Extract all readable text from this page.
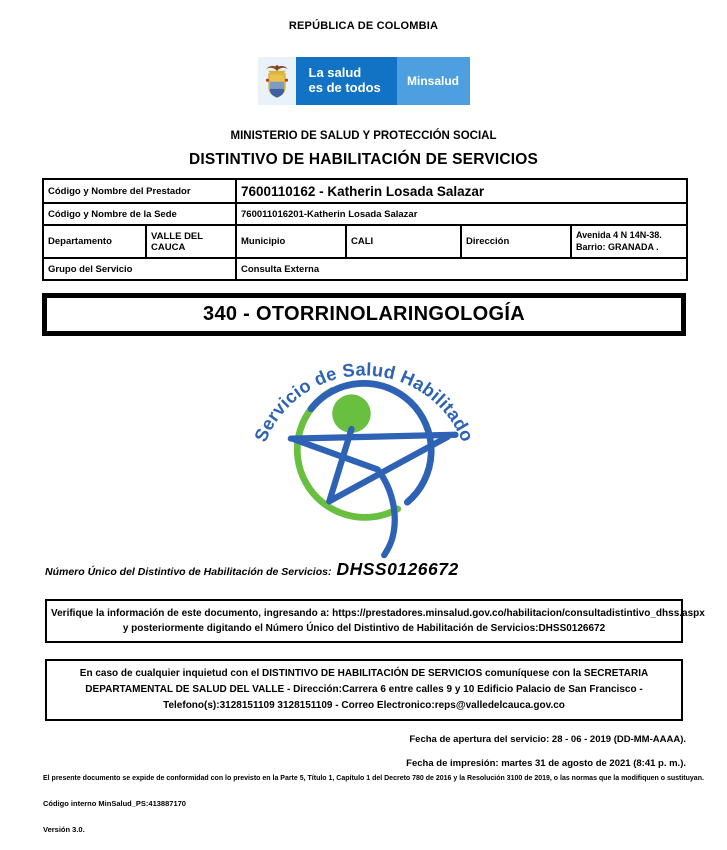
REPÚBLICA DE COLOMBIA
La salud
es de todos	Minsalud
MINISTERIO DE SALUD Y PROTECCIÓN SOCIAL
DISTINTIVO DE HABILITACIÓN DE SERVICIOS
Código y Nombre del Prestador		7600110162 - Katherin Losada Salazar			
Código y Nombre de la Sede		760011016201-Katherin Losada Salazar			
Departamento	VALLE DEL CAUCA	Municipio	CALI	Dirección	Avenida 4 N 14N-38. Barrio: GRANADA .
Grupo del Servicio		Consulta Externa			
340 - OTORRINOLARINGOLOGÍA
Servicio de Salud Habilitado
Número Único del Distintivo de Habilitación de Servicios: DHSS0126672
Verifique la información de este documento, ingresando a: https://prestadores.minsalud.gov.co/habilitacion/consultadistintivo_dhss.aspx
y posteriormente digitando el Número Único del Distintivo de Habilitación de Servicios:DHSS0126672
En caso de cualquier inquietud con el DISTINTIVO DE HABILITACIÓN DE SERVICIOS comuníquese con la SECRETARIA
DEPARTAMENTAL DE SALUD DEL VALLE - Dirección:Carrera 6 entre calles 9 y 10 Edificio Palacio de San Francisco -
Telefono(s):3128151109 3128151109 - Correo Electronico:reps@valledelcauca.gov.co
Fecha de apertura del servicio: 28 - 06 - 2019 (DD-MM-AAAA).
Fecha de impresión: martes 31 de agosto de 2021 (8:41 p. m.).
El presente documento se expide de conformidad con lo previsto en la Parte 5, Título 1, Capítulo 1 del Decreto 780 de 2016 y la Resolución 3100 de 2019, o las normas que la modifiquen o sustituyan.
Código interno MinSalud_PS:413887170
Versión 3.0.
